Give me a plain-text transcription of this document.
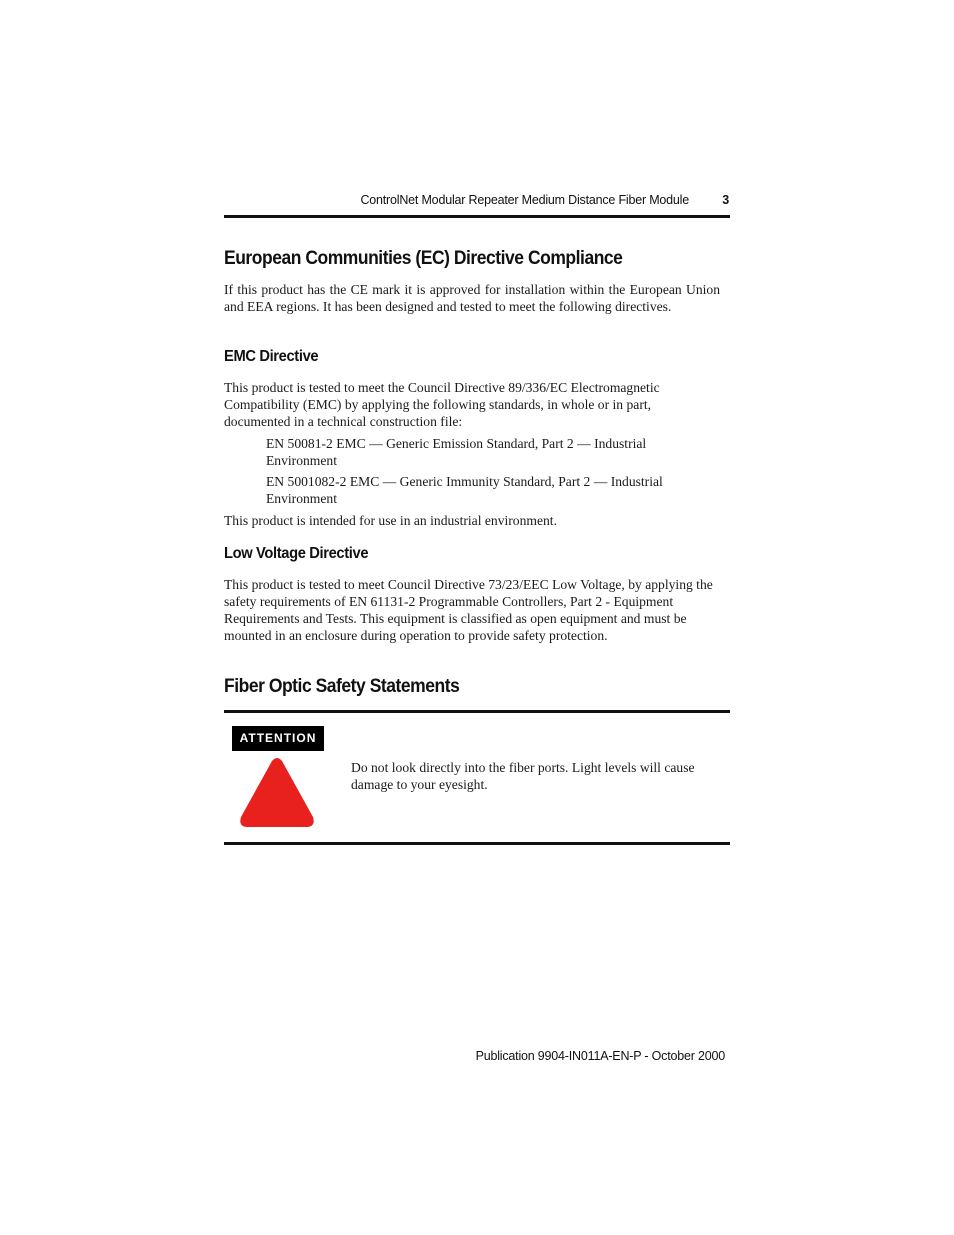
ControlNet Modular Repeater Medium Distance Fiber Module	3
European Communities (EC) Directive Compliance
If this product has the CE mark it is approved for installation within the European Union and EEA regions. It has been designed and tested to meet the following directives.
EMC Directive
This product is tested to meet the Council Directive 89/336/EC Electromagnetic Compatibility (EMC) by applying the following standards, in whole or in part, documented in a technical construction file:
EN 50081-2 EMC — Generic Emission Standard, Part 2 — Industrial Environment
EN 5001082-2 EMC — Generic Immunity Standard, Part 2 — Industrial Environment
This product is intended for use in an industrial environment.
Low Voltage Directive
This product is tested to meet Council Directive 73/23/EEC Low Voltage, by applying the safety requirements of EN 61131-2 Programmable Controllers, Part 2 - Equipment Requirements and Tests. This equipment is classified as open equipment and must be mounted in an enclosure during operation to provide safety protection.
Fiber Optic Safety Statements
ATTENTION
Do not look directly into the fiber ports. Light levels will cause damage to your eyesight.
Publication 9904-IN011A-EN-P - October 2000
